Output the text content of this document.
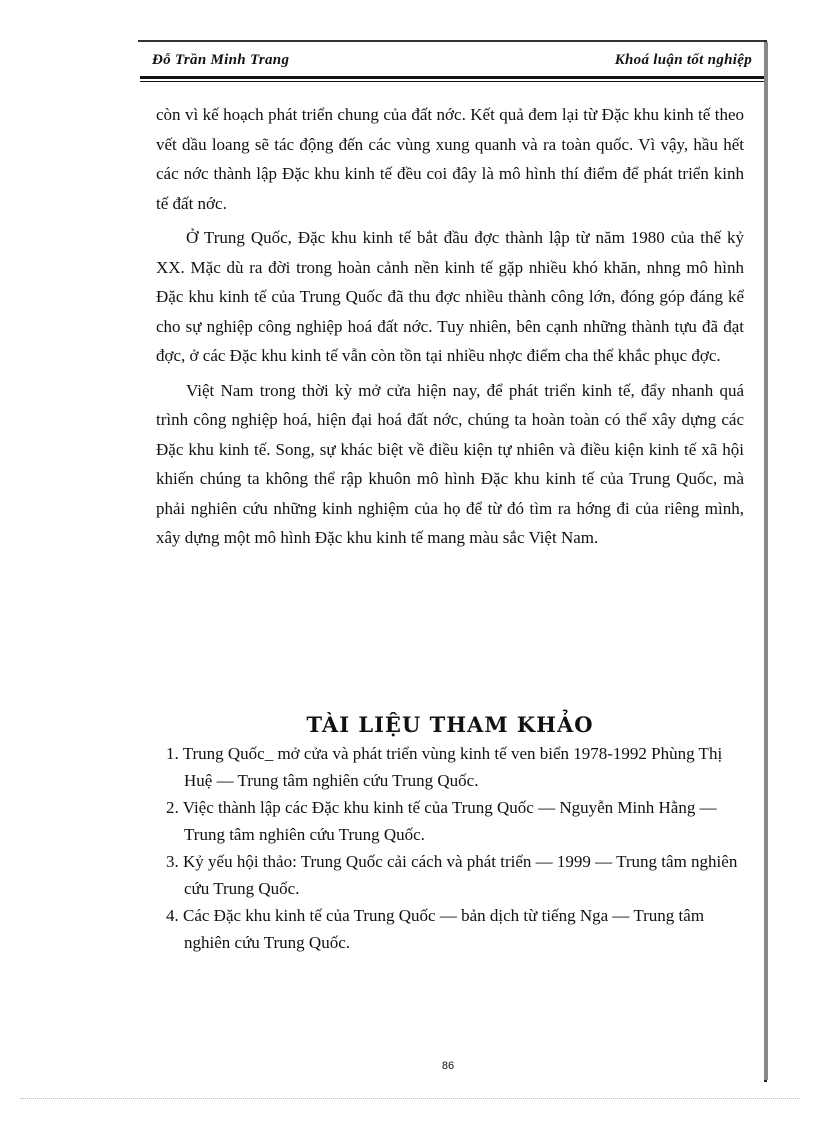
Đỗ Trần Minh Trang	Khoá luận tốt nghiệp

còn vì kế hoạch phát triển chung của đất nớc. Kết quả đem lại từ Đặc khu kinh tế theo vết dầu loang sẽ tác động đến các vùng xung quanh và ra toàn quốc. Vì vậy, hầu hết các nớc thành lập Đặc khu kinh tế đều coi đây là mô hình thí điểm để phát triển kinh tế đất nớc.

Ở Trung Quốc, Đặc khu kinh tế bắt đầu đợc thành lập từ năm 1980 của thế kỷ XX. Mặc dù ra đời trong hoàn cảnh nền kinh tế gặp nhiều khó khăn, nhng mô hình Đặc khu kinh tế của Trung Quốc đã thu đợc nhiều thành công lớn, đóng góp đáng kể cho sự nghiệp công nghiệp hoá đất nớc. Tuy nhiên, bên cạnh những thành tựu đã đạt đợc, ở các Đặc khu kinh tế vẫn còn tồn tại nhiều nhợc điểm cha thể khắc phục đợc.

Việt Nam trong thời kỳ mở cửa hiện nay, để phát triển kinh tế, đẩy nhanh quá trình công nghiệp hoá, hiện đại hoá đất nớc, chúng ta hoàn toàn có thể xây dựng các Đặc khu kinh tế. Song, sự khác biệt về điều kiện tự nhiên và điều kiện kinh tế xã hội khiến chúng ta không thể rập khuôn mô hình Đặc khu kinh tế của Trung Quốc, mà phải nghiên cứu những kinh nghiệm của họ để từ đó tìm ra hớng đi của riêng mình, xây dựng một mô hình Đặc khu kinh tế mang màu sắc Việt Nam.

TÀI LIỆU THAM KHẢO
1. Trung Quốc_ mở cửa và phát triển vùng kinh tế ven biển 1978-1992 Phùng Thị Huệ — Trung tâm nghiên cứu Trung Quốc.
2. Việc thành lập các Đặc khu kinh tế của Trung Quốc — Nguyễn Minh Hằng — Trung tâm nghiên cứu Trung Quốc.
3. Kỷ yếu hội thảo: Trung Quốc cải cách và phát triển — 1999 — Trung tâm nghiên cứu Trung Quốc.
4. Các Đặc khu kinh tế của Trung Quốc — bản dịch từ tiếng Nga — Trung tâm nghiên cứu Trung Quốc.
86
